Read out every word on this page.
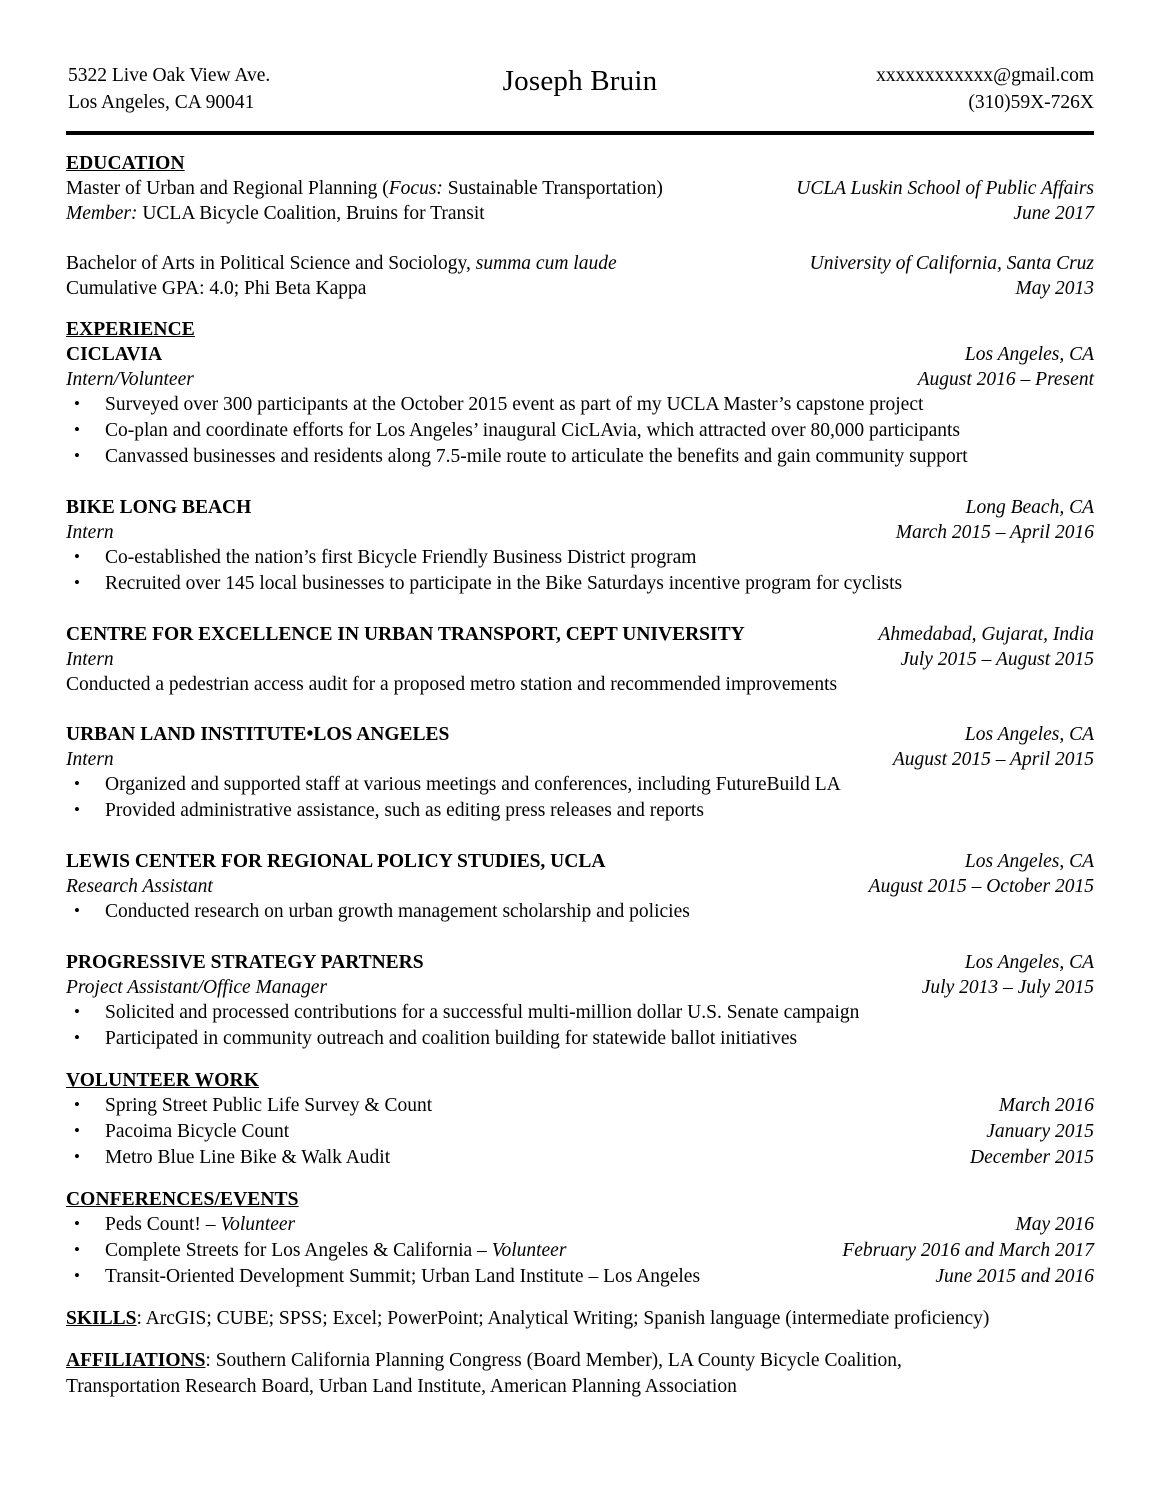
5322 Live Oak View Ave.
Los Angeles, CA 90041
Joseph Bruin	xxxxxxxxxxxx@gmail.com
(310)59X-726X
EDUCATION
Master of Urban and Regional Planning (Focus: Sustainable Transportation)	UCLA Luskin School of Public Affairs
Member: UCLA Bicycle Coalition, Bruins for Transit	June 2017
Bachelor of Arts in Political Science and Sociology, summa cum laude	University of California, Santa Cruz
Cumulative GPA: 4.0; Phi Beta Kappa	May 2013
EXPERIENCE
CICLAVIA	Los Angeles, CA
Intern/Volunteer	August 2016 – Present
• Surveyed over 300 participants at the October 2015 event as part of my UCLA Master’s capstone project
• Co-plan and coordinate efforts for Los Angeles’ inaugural CicLAvia, which attracted over 80,000 participants
• Canvassed businesses and residents along 7.5-mile route to articulate the benefits and gain community support
BIKE LONG BEACH	Long Beach, CA
Intern	March 2015 – April 2016
• Co-established the nation’s first Bicycle Friendly Business District program
• Recruited over 145 local businesses to participate in the Bike Saturdays incentive program for cyclists
CENTRE FOR EXCELLENCE IN URBAN TRANSPORT, CEPT UNIVERSITY	Ahmedabad, Gujarat, India
Intern	July 2015 – August 2015
Conducted a pedestrian access audit for a proposed metro station and recommended improvements
URBAN LAND INSTITUTE•LOS ANGELES	Los Angeles, CA
Intern	August 2015 – April 2015
• Organized and supported staff at various meetings and conferences, including FutureBuild LA
• Provided administrative assistance, such as editing press releases and reports
LEWIS CENTER FOR REGIONAL POLICY STUDIES, UCLA	Los Angeles, CA
Research Assistant	August 2015 – October 2015
• Conducted research on urban growth management scholarship and policies
PROGRESSIVE STRATEGY PARTNERS	Los Angeles, CA
Project Assistant/Office Manager	July 2013 – July 2015
• Solicited and processed contributions for a successful multi-million dollar U.S. Senate campaign
• Participated in community outreach and coalition building for statewide ballot initiatives
VOLUNTEER WORK
• Spring Street Public Life Survey & Count	March 2016
• Pacoima Bicycle Count	January 2015
• Metro Blue Line Bike & Walk Audit	December 2015
CONFERENCES/EVENTS
• Peds Count! – Volunteer	May 2016
• Complete Streets for Los Angeles & California – Volunteer	February 2016 and March 2017
• Transit-Oriented Development Summit; Urban Land Institute – Los Angeles	June 2015 and 2016
SKILLS: ArcGIS; CUBE; SPSS; Excel; PowerPoint; Analytical Writing; Spanish language (intermediate proficiency)
AFFILIATIONS: Southern California Planning Congress (Board Member), LA County Bicycle Coalition,
Transportation Research Board, Urban Land Institute, American Planning Association
